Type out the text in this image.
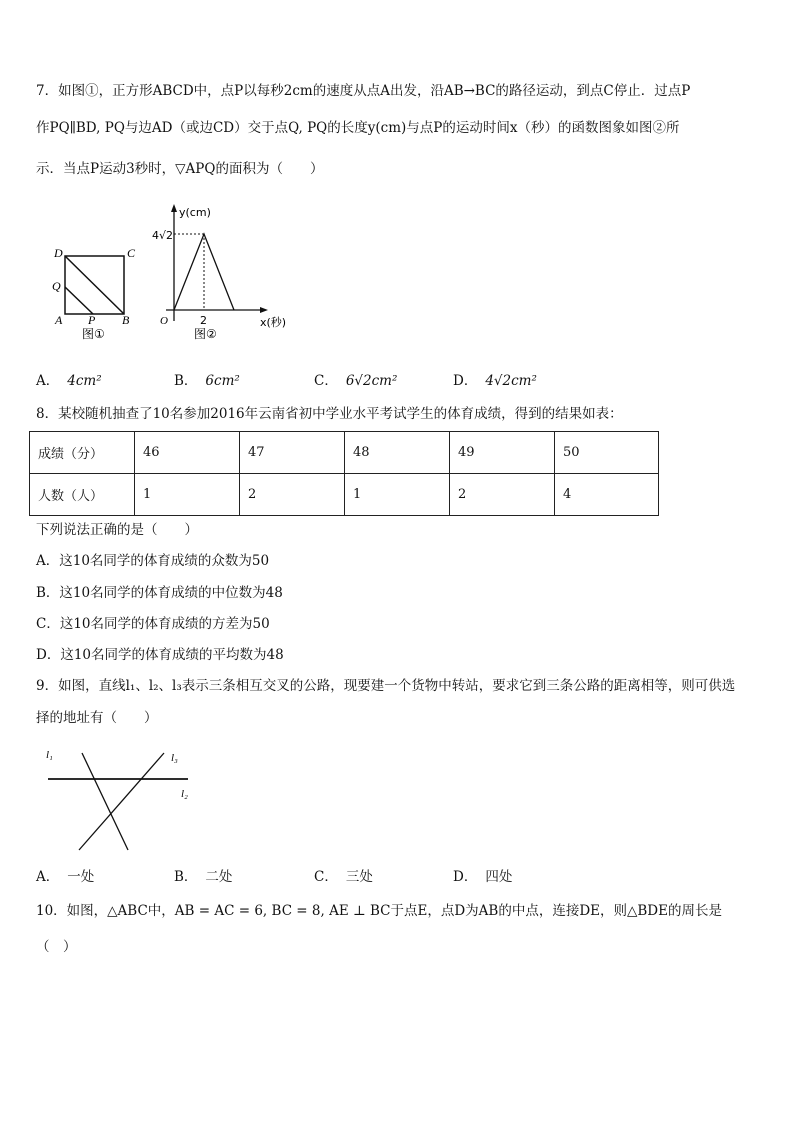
7．如图①，正方形ABCD中，点P以每秒2cm的速度从点A出发，沿AB→BC的路径运动，到点C停止．过点P
作PQ∥BD, PQ与边AD（或边CD）交于点Q, PQ的长度y(cm)与点P的运动时间x（秒）的函数图象如图②所
示．当点P运动3秒时，▽APQ的面积为（　　）
D	C
Q
A P B
图①
y(cm)
4√2
O	2	x(秒)
图②
A． 4cm²	B． 6cm²	C． 6√2cm²	D． 4√2cm²
8．某校随机抽查了10名参加2016年云南省初中学业水平考试学生的体育成绩，得到的结果如表：
成绩（分）	46	47	48	49	50
人数（人）	1	2	1	2	4
下列说法正确的是（　　）
A．这10名同学的体育成绩的众数为50
B．这10名同学的体育成绩的中位数为48
C．这10名同学的体育成绩的方差为50
D．这10名同学的体育成绩的平均数为48
9．如图，直线l₁、l₂、l₃表示三条相互交叉的公路，现要建一个货物中转站，要求它到三条公路的距离相等，则可供选
择的地址有（　　）
l₁	l₃
l₂
A． 一处	B． 二处	C． 三处	D． 四处
10．如图，△ABC中，AB = AC = 6, BC = 8, AE ⊥ BC于点E，点D为AB的中点，连接DE，则△BDE的周长是
（　）
